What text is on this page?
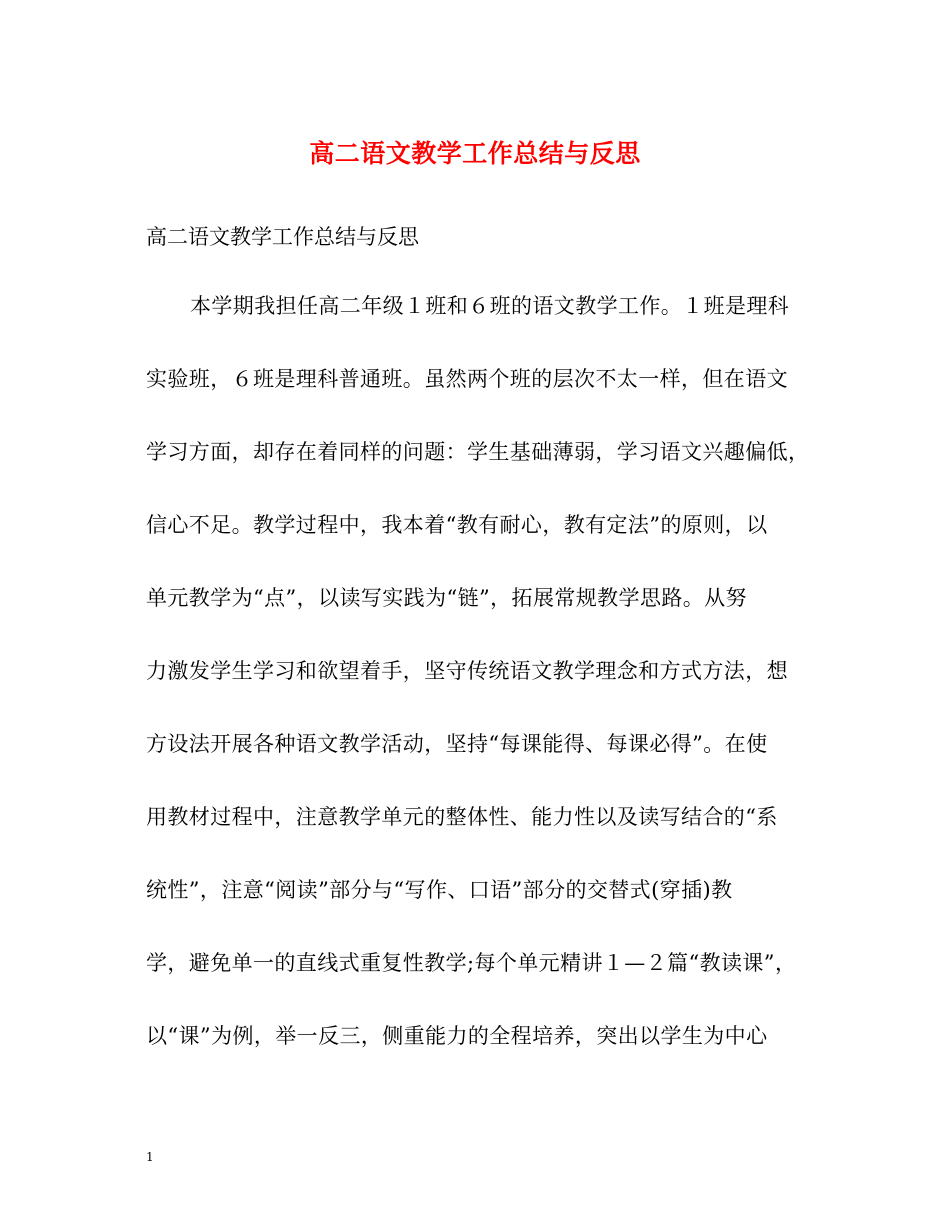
高二语文教学工作总结与反思
高二语文教学工作总结与反思
本学期我担任高二年级１班和６班的语文教学工作。１班是理科
实验班，６班是理科普通班。虽然两个班的层次不太一样，但在语文
学习方面，却存在着同样的问题：学生基础薄弱，学习语文兴趣偏低，
信心不足。教学过程中，我本着“教有耐心，教有定法”的原则，以
单元教学为“点”，以读写实践为“链”，拓展常规教学思路。从努
力激发学生学习和欲望着手，坚守传统语文教学理念和方式方法，想
方设法开展各种语文教学活动，坚持“每课能得、每课必得”。在使
用教材过程中，注意教学单元的整体性、能力性以及读写结合的“系
统性”，注意“阅读”部分与“写作、口语”部分的交替式(穿插)教
学，避免单一的直线式重复性教学;每个单元精讲１—２篇“教读课”，
以“课”为例，举一反三，侧重能力的全程培养，突出以学生为中心
1
